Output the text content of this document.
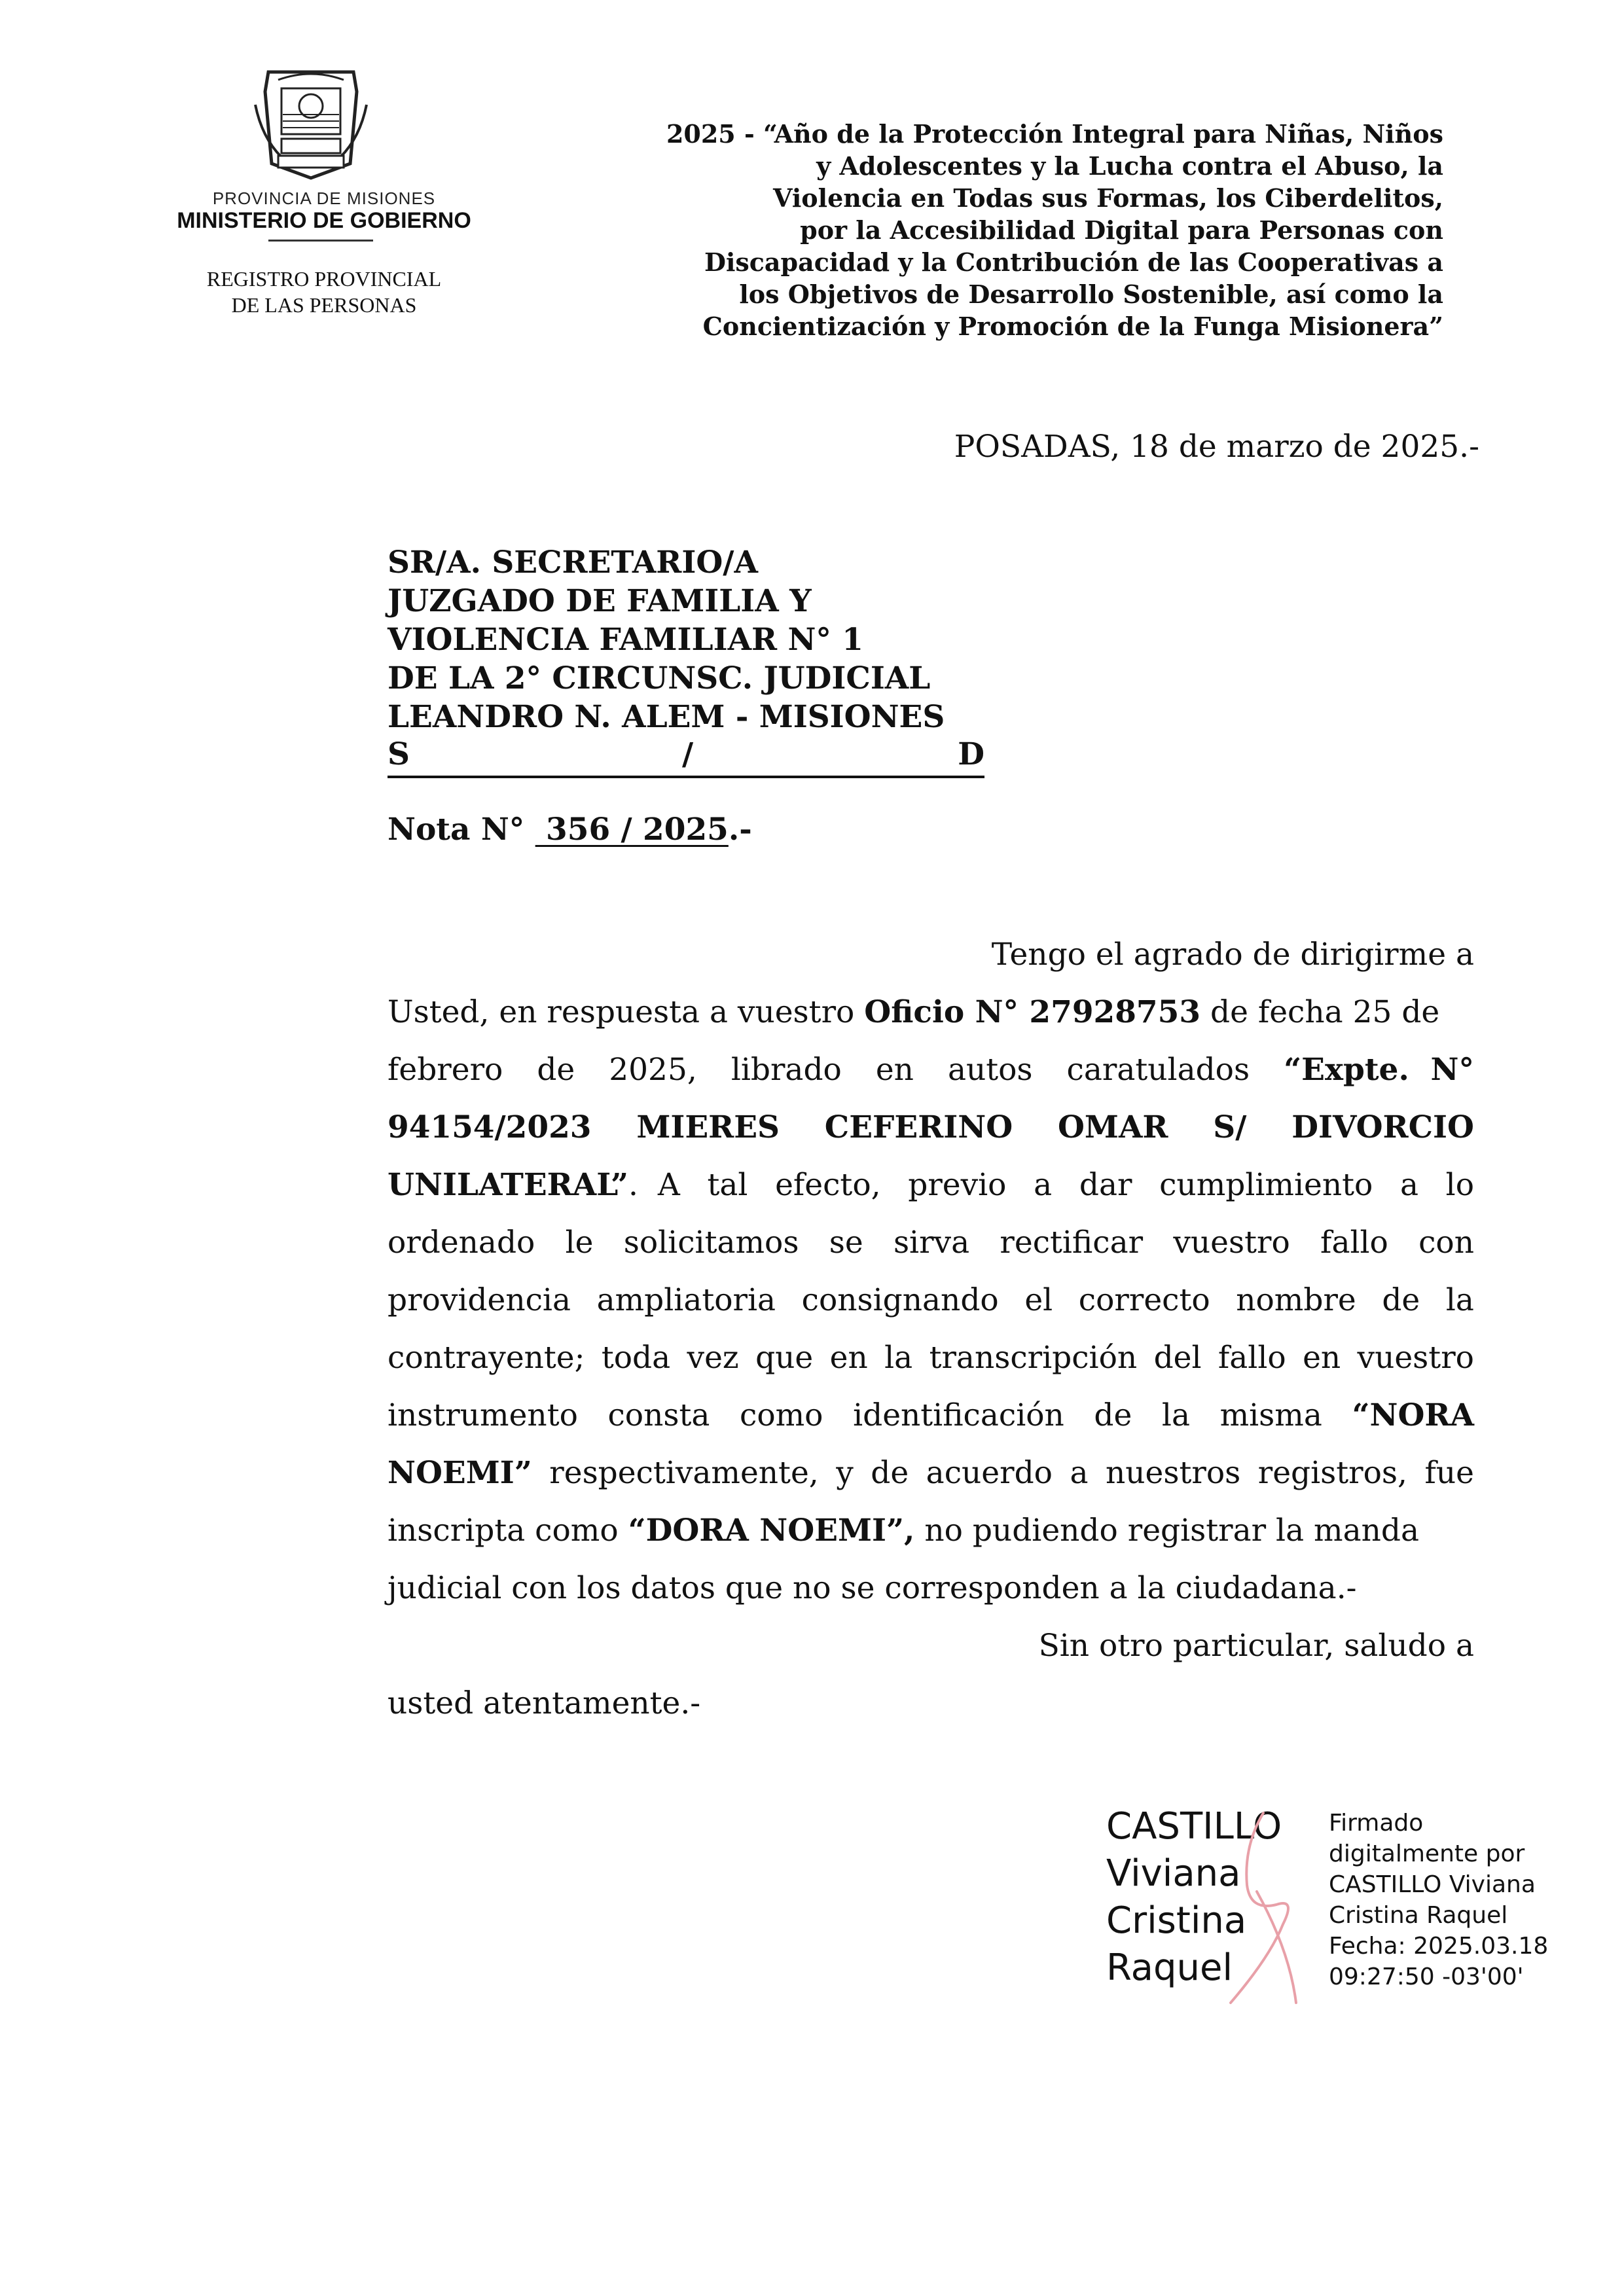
PROVINCIA DE MISIONES
MINISTERIO DE GOBIERNO
REGISTRO PROVINCIAL
DE LAS PERSONAS
2025 - “Año de la Protección Integral para Niñas, Niños
y Adolescentes y la Lucha contra el Abuso, la
Violencia en Todas sus Formas, los Ciberdelitos,
por la Accesibilidad Digital para Personas con
Discapacidad y la Contribución de las Cooperativas a
los Objetivos de Desarrollo Sostenible, así como la
Concientización y Promoción de la Funga Misionera”
POSADAS, 18 de marzo de 2025.-
SR/A. SECRETARIO/A
JUZGADO DE FAMILIA Y
VIOLENCIA FAMILIAR N° 1
DE LA 2° CIRCUNSC. JUDICIAL
LEANDRO N. ALEM - MISIONES
S	/	D
Nota N°  356 / 2025.-
Tengo el agrado de dirigirme a
Usted, en respuesta a vuestro Oficio N° 27928753 de fecha 25 de
febrero de 2025, librado en autos caratulados “Expte.  N°
94154/2023 MIERES CEFERINO OMAR S/ DIVORCIO
UNILATERAL”.  A tal efecto, previo a dar cumplimiento a lo
ordenado le solicitamos se sirva rectificar vuestro fallo con
providencia ampliatoria consignando el correcto nombre de la
contrayente; toda vez que en la transcripción del fallo en vuestro
instrumento consta como identificación de la misma “NORA
NOEMI” respectivamente, y de acuerdo a nuestros registros, fue
inscripta como “DORA NOEMI”, no pudiendo registrar la manda
judicial con los datos que no se corresponden a la ciudadana.-
Sin otro particular, saludo a
usted atentamente.-
CASTILLO
Viviana
Cristina
Raquel
Firmado
digitalmente por
CASTILLO Viviana
Cristina Raquel
Fecha: 2025.03.18
09:27:50 -03'00'
